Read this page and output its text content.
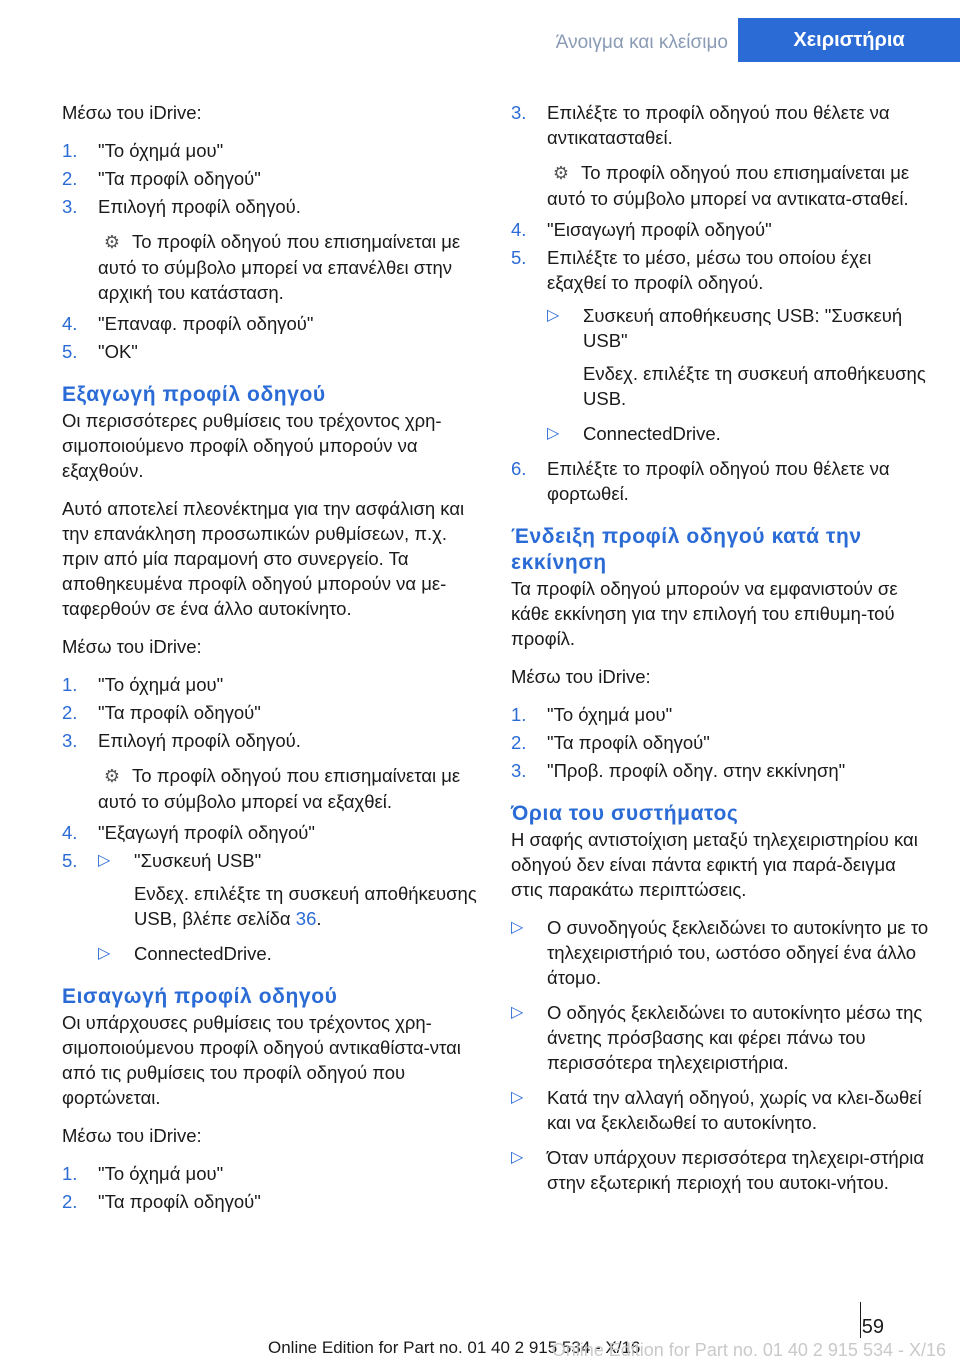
Άνοιγμα και κλείσιμο	Χειριστήρια

Μέσω του iDrive:

1. "Το όχημά μου"
2. "Τα προφίλ οδηγού"
3. Επιλογή προφίλ οδηγού.
⚙ Το προφίλ οδηγού που επισημαίνεται με αυτό το σύμβολο μπορεί να επανέλθει στην αρχική του κατάσταση.
4. "Επαναφ. προφίλ οδηγού"
5. "OK"
Εξαγωγή προφίλ οδηγού

Οι περισσότερες ρυθμίσεις του τρέχοντος χρη-σιμοποιούμενο προφίλ οδηγού μπορούν να εξαχθούν.

Αυτό αποτελεί πλεονέκτημα για την ασφάλιση και την επανάκληση προσωπικών ρυθμίσεων, π.χ. πριν από μία παραμονή στο συνεργείο. Τα αποθηκευμένα προφίλ οδηγού μπορούν να με-ταφερθούν σε ένα άλλο αυτοκίνητο.

Μέσω του iDrive:

1. "Το όχημά μου"
2. "Τα προφίλ οδηγού"
3. Επιλογή προφίλ οδηγού.
⚙ Το προφίλ οδηγού που επισημαίνεται με αυτό το σύμβολο μπορεί να εξαχθεί.
4. "Εξαγωγή προφίλ οδηγού"
5. ▷ "Συσκευή USB"
Ενδεχ. επιλέξτε τη συσκευή αποθήκευσης USB, βλέπε σελίδα 36.
▷ ConnectedDrive.
Εισαγωγή προφίλ οδηγού

Οι υπάρχουσες ρυθμίσεις του τρέχοντος χρη-σιμοποιούμενου προφίλ οδηγού αντικαθίστα-νται από τις ρυθμίσεις του προφίλ οδηγού που φορτώνεται.

Μέσω του iDrive:

1. "Το όχημά μου"
2. "Τα προφίλ οδηγού"
3. Επιλέξτε το προφίλ οδηγού που θέλετε να αντικατασταθεί.
⚙ Το προφίλ οδηγού που επισημαίνεται με αυτό το σύμβολο μπορεί να αντικατα-σταθεί.
4. "Εισαγωγή προφίλ οδηγού"
5. Επιλέξτε το μέσο, μέσω του οποίου έχει εξαχθεί το προφίλ οδηγού.
▷ Συσκευή αποθήκευσης USB: "Συσκευή USB"
Ενδεχ. επιλέξτε τη συσκευή αποθήκευσης USB.
▷ ConnectedDrive.
6. Επιλέξτε το προφίλ οδηγού που θέλετε να φορτωθεί.
Ένδειξη προφίλ οδηγού κατά την εκκίνηση

Τα προφίλ οδηγού μπορούν να εμφανιστούν σε κάθε εκκίνηση για την επιλογή του επιθυμη-τού προφίλ.

Μέσω του iDrive:

1. "Το όχημά μου"
2. "Τα προφίλ οδηγού"
3. "Προβ. προφίλ οδηγ. στην εκκίνηση"
Όρια του συστήματος

Η σαφής αντιστοίχιση μεταξύ τηλεχειριστηρίου και οδηγού δεν είναι πάντα εφικτή για παρά-δειγμα στις παρακάτω περιπτώσεις.

▷ Ο συνοδηγούς ξεκλειδώνει το αυτοκίνητο με το τηλεχειριστήριό του, ωστόσο οδηγεί ένα άλλο άτομο.
▷ Ο οδηγός ξεκλειδώνει το αυτοκίνητο μέσω της άνετης πρόσβασης και φέρει πάνω του περισσότερα τηλεχειριστήρια.
▷ Κατά την αλλαγή οδηγού, χωρίς να κλει-δωθεί και να ξεκλειδωθεί το αυτοκίνητο.
▷ Όταν υπάρχουν περισσότερα τηλεχειρι-στήρια στην εξωτερική περιοχή του αυτοκι-νήτου.
59
Online Edition for Part no. 01 40 2 915 534 - X/16
Online Edition for Part no. 01 40 2 915 534 - X/16
